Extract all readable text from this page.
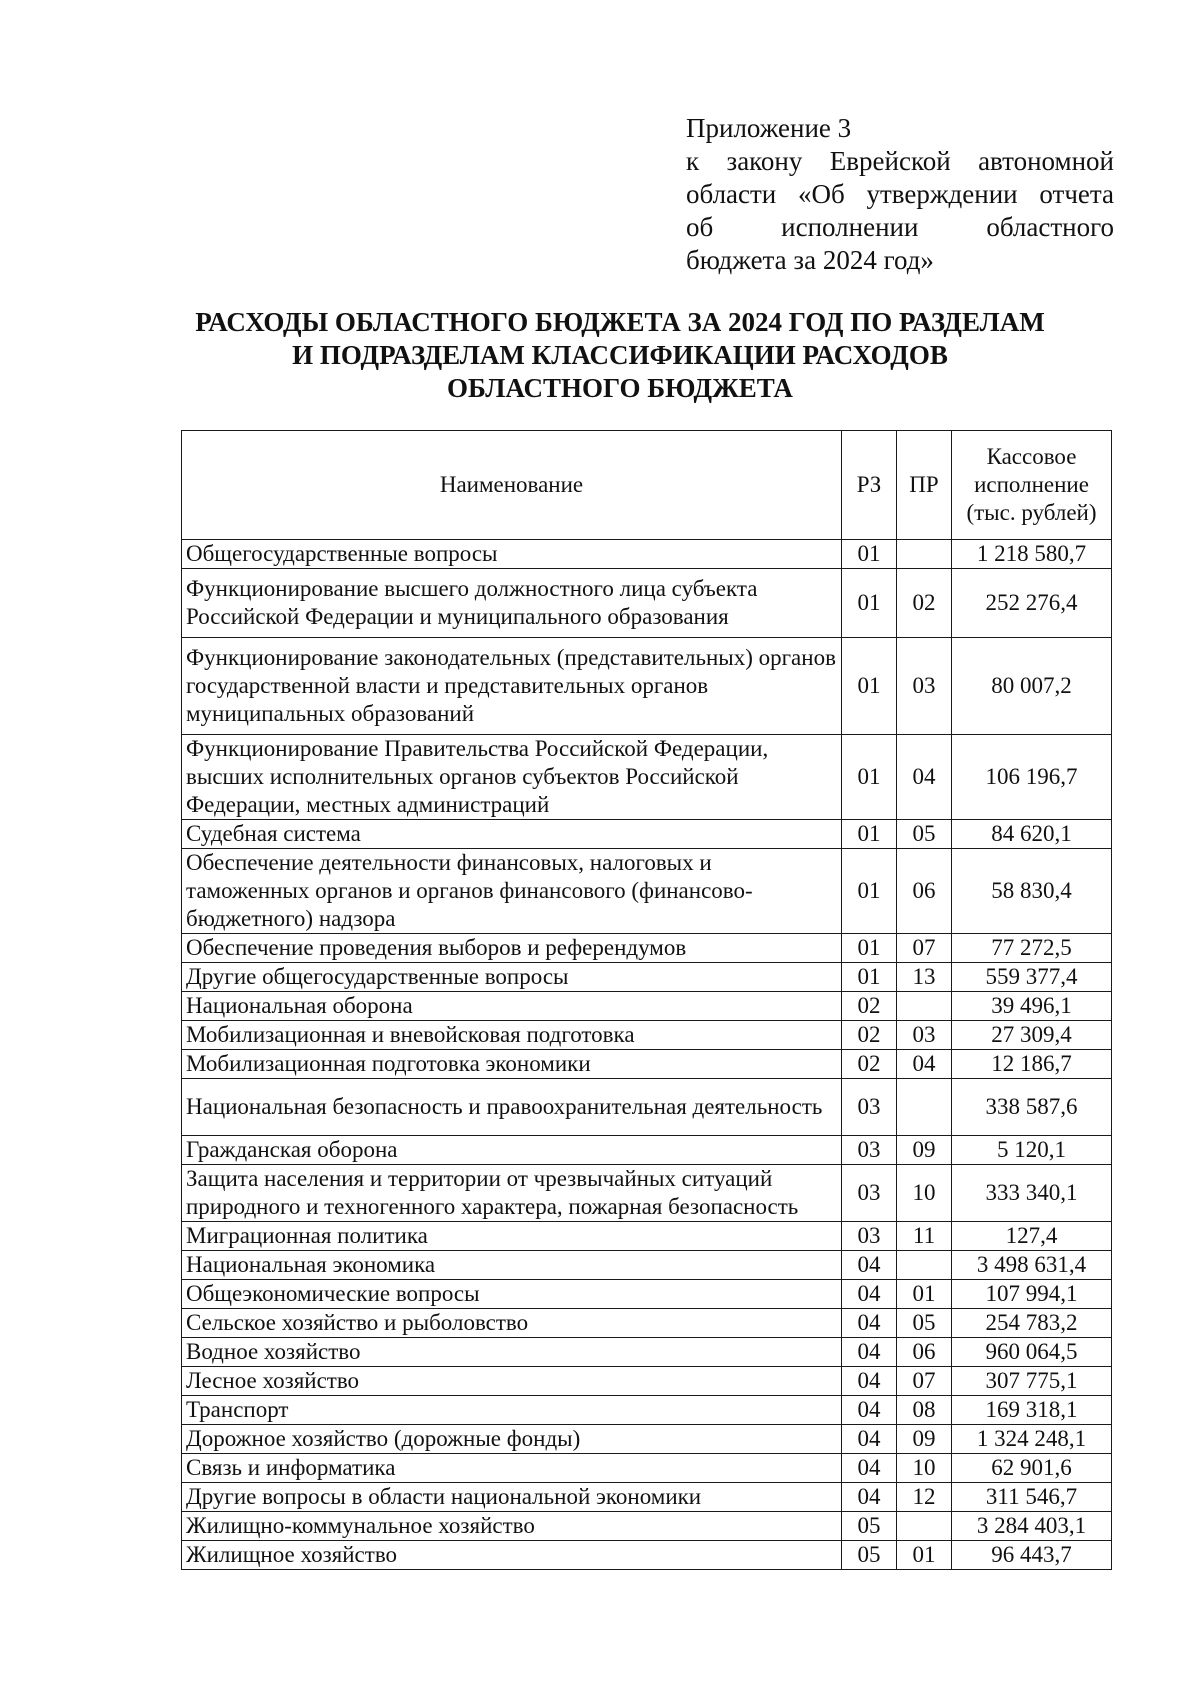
Приложение 3
к закону Еврейской автономной
области «Об утверждении отчета
об исполнении областного
бюджета за 2024 год»
РАСХОДЫ ОБЛАСТНОГО БЮДЖЕТА ЗА 2024 ГОД ПО РАЗДЕЛАМ
И ПОДРАЗДЕЛАМ КЛАССИФИКАЦИИ РАСХОДОВ
ОБЛАСТНОГО БЮДЖЕТА
Наименование	РЗ	ПР	Кассовое
исполнение
(тыс. рублей)

Общегосударственные вопросы	01		1 218 580,7
Функционирование высшего должностного лица субъекта Российской Федерации и муниципального образования	01	02	252 276,4
Функционирование законодательных (представительных) органов государственной власти и представительных органов муниципальных образований	01	03	80 007,2
Функционирование Правительства Российской Федерации, высших исполнительных органов субъектов Российской Федерации, местных администраций	01	04	106 196,7
Судебная система	01	05	84 620,1
Обеспечение деятельности финансовых, налоговых и таможенных органов и органов финансового (финансово-бюджетного) надзора	01	06	58 830,4
Обеспечение проведения выборов и референдумов	01	07	77 272,5
Другие общегосударственные вопросы	01	13	559 377,4
Национальная оборона	02		39 496,1
Мобилизационная и вневойсковая подготовка	02	03	27 309,4
Мобилизационная подготовка экономики	02	04	12 186,7
Национальная безопасность и правоохранительная деятельность	03		338 587,6
Гражданская оборона	03	09	5 120,1
Защита населения и территории от чрезвычайных ситуаций природного и техногенного характера, пожарная безопасность	03	10	333 340,1
Миграционная политика	03	11	127,4
Национальная экономика	04		3 498 631,4
Общеэкономические вопросы	04	01	107 994,1
Сельское хозяйство и рыболовство	04	05	254 783,2
Водное хозяйство	04	06	960 064,5
Лесное хозяйство	04	07	307 775,1
Транспорт	04	08	169 318,1
Дорожное хозяйство (дорожные фонды)	04	09	1 324 248,1
Связь и информатика	04	10	62 901,6
Другие вопросы в области национальной экономики	04	12	311 546,7
Жилищно-коммунальное хозяйство	05		3 284 403,1
Жилищное хозяйство	05	01	96 443,7
